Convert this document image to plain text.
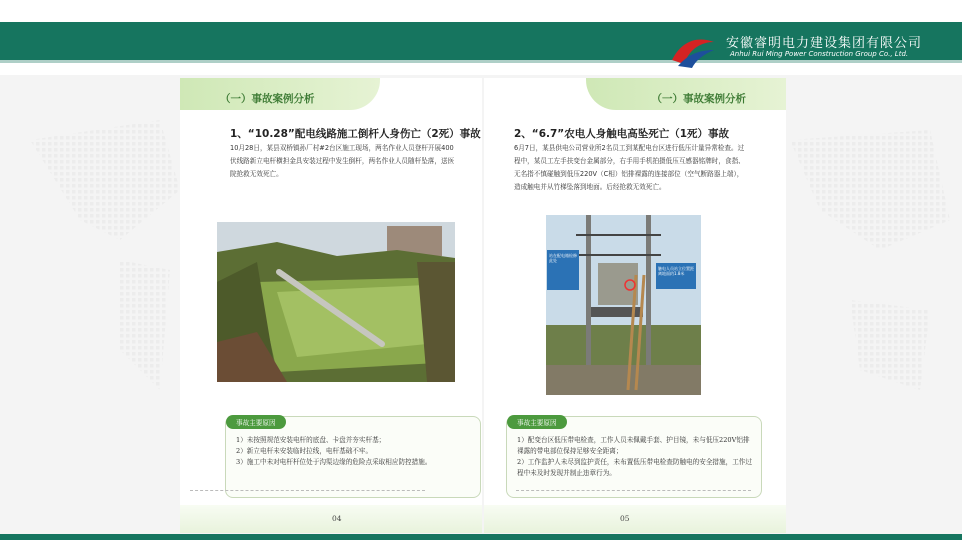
安徽睿明电力建设集团有限公司
Anhui Rui Ming Power Construction Group Co., Ltd.
（一）事故案例分析
1、“10.28”配电线路施工倒杆人身伤亡（2死）事故
10月28日，某县双桥镇孙厂村#2台区施工现场，两名作业人员登杆开展400 伏线路新立电杆横担金具安装过程中发生倒杆，两名作业人员随杆坠落，送医院抢救无效死亡。
事故主要原因
1）未按照规范安装电杆的底盘、卡盘并夯实杆基；
2）新立电杆未安装临时拉线，电杆基础不牢。
3）施工中未对电杆杆位处于沟渠边缘的危险点采取相应防控措施。
04
（一）事故案例分析
2、“6.7”农电人身触电高坠死亡（1死）事故
6月7日，某县供电公司营业所2名员工到某配电台区进行低压计量异常检查。过程中，某员工左手扶变台金属部分，右手用手机拍摄低压互感器铭牌时，食指、无名指不慎碰触到低压220V（C相）铝排裸露的连接部位（空气断路器上端），造成触电并从竹梯坠落到地面。后经抢救无效死亡。
站在配电箱检修此处
触电人员站立位置距离地面约1.8米
事故主要原因
1）配变台区低压带电检查，工作人员未佩戴手套、护目镜，未与低压220V铝排裸露的带电部位保持足够安全距离；
2）工作监护人未尽到监护责任，未布置低压带电检查防触电的安全措施，工作过程中未及时发现并制止违章行为。
05
